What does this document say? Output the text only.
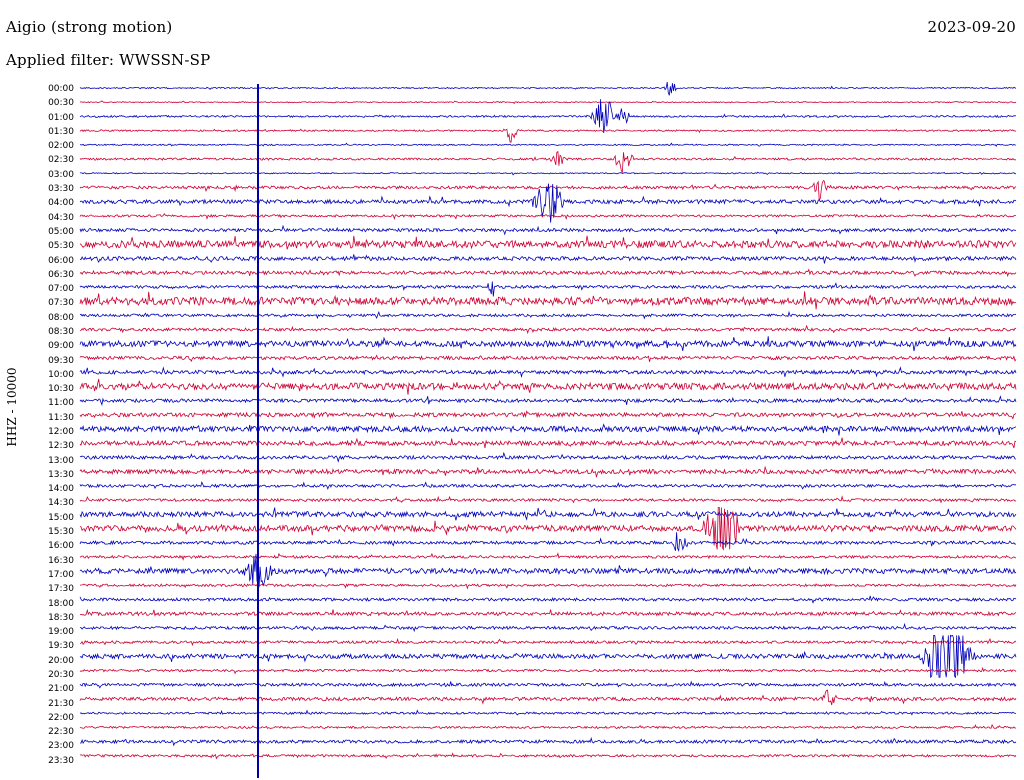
Aigio (strong motion)
Applied filter: WWSSN-SP
2023-09-20
HHZ - 10000
00:00
00:30
01:00
01:30
02:00
02:30
03:00
03:30
04:00
04:30
05:00
05:30
06:00
06:30
07:00
07:30
08:00
08:30
09:00
09:30
10:00
10:30
11:00
11:30
12:00
12:30
13:00
13:30
14:00
14:30
15:00
15:30
16:00
16:30
17:00
17:30
18:00
18:30
19:00
19:30
20:00
20:30
21:00
21:30
22:00
22:30
23:00
23:30
